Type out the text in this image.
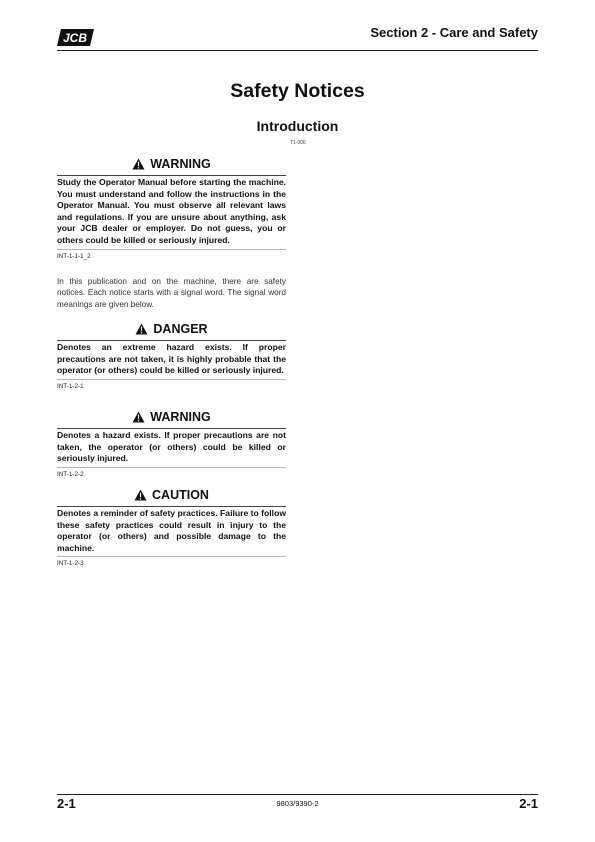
JCB	Section 2 - Care and Safety
Safety Notices
Introduction
T1-006
WARNING
Study the Operator Manual before starting the machine. You must understand and follow the instructions in the Operator Manual. You must observe all relevant laws and regulations. If you are unsure about anything, ask your JCB dealer or employer. Do not guess, you or others could be killed or seriously injured.
INT-1-1-1_2
In this publication and on the machine, there are safety notices. Each notice starts with a signal word. The signal word meanings are given below.
DANGER
Denotes an extreme hazard exists. If proper precautions are not taken, it is highly probable that the operator (or others) could be killed or seriously injured.
INT-1-2-1
WARNING
Denotes a hazard exists. If proper precautions are not taken, the operator (or others) could be killed or seriously injured.
INT-1-2-2
CAUTION
Denotes a reminder of safety practices. Failure to follow these safety practices could result in injury to the operator (or others) and possible damage to the machine.
INT-1-2-3
2-1	9803/9390-2	2-1
